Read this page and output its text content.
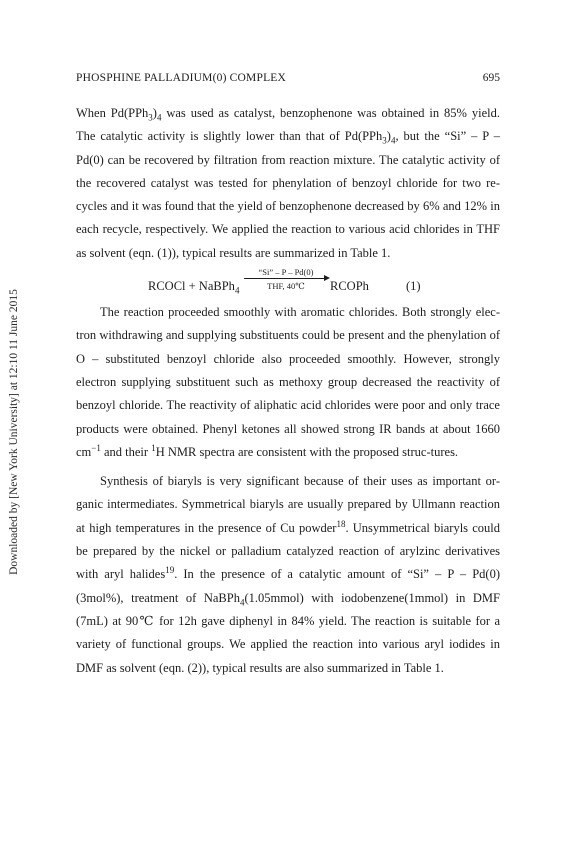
Downloaded by [New York University] at 12:10 11 June 2015
PHOSPHINE PALLADIUM(0) COMPLEX	695

When $Pd(PPh_3)_4$ was used as catalyst, benzophenone was obtained in 85% yield. The catalytic activity is slightly lower than that of $Pd(PPh_3)_4$, but the “Si” – P – Pd(0) can be recovered by filtration from reaction mixture. The catalytic activity of the recovered catalyst was tested for phenylation of benzoyl chloride for two re-cycles and it was found that the yield of benzophenone decreased by 6% and 12% in each recycle, respectively. We applied the reaction to various acid chlorides in THF as solvent (eqn. (1)), typical results are summarized in Table 1.

RCOCl + NaBPh$_4$
“Si” – P – Pd(0)
THF, 40℃	RCOPh	(1)

The reaction proceeded smoothly with aromatic chlorides. Both strongly elec-tron withdrawing and supplying substituents could be present and the phenylation of O – substituted benzoyl chloride also proceeded smoothly. However, strongly electron supplying substituent such as methoxy group decreased the reactivity of benzoyl chloride. The reactivity of aliphatic acid chlorides were poor and only trace products were obtained. Phenyl ketones all showed strong IR bands at about 1660 $cm^{-1}$ and their $^1$H NMR spectra are consistent with the proposed struc-tures.

Synthesis of biaryls is very significant because of their uses as important or-ganic intermediates. Symmetrical biaryls are usually prepared by Ullmann reaction at high temperatures in the presence of Cu powder$^{18}$. Unsymmetrical biaryls could be prepared by the nickel or palladium catalyzed reaction of arylzinc derivatives with aryl halides$^{19}$. In the presence of a catalytic amount of “Si” – P – Pd(0) (3mol%), treatment of NaBPh$_4$(1.05mmol) with iodobenzene(1mmol) in DMF (7mL) at 90℃ for 12h gave diphenyl in 84% yield. The reaction is suitable for a variety of functional groups. We applied the reaction into various aryl iodides in DMF as solvent (eqn. (2)), typical results are also summarized in Table 1.
